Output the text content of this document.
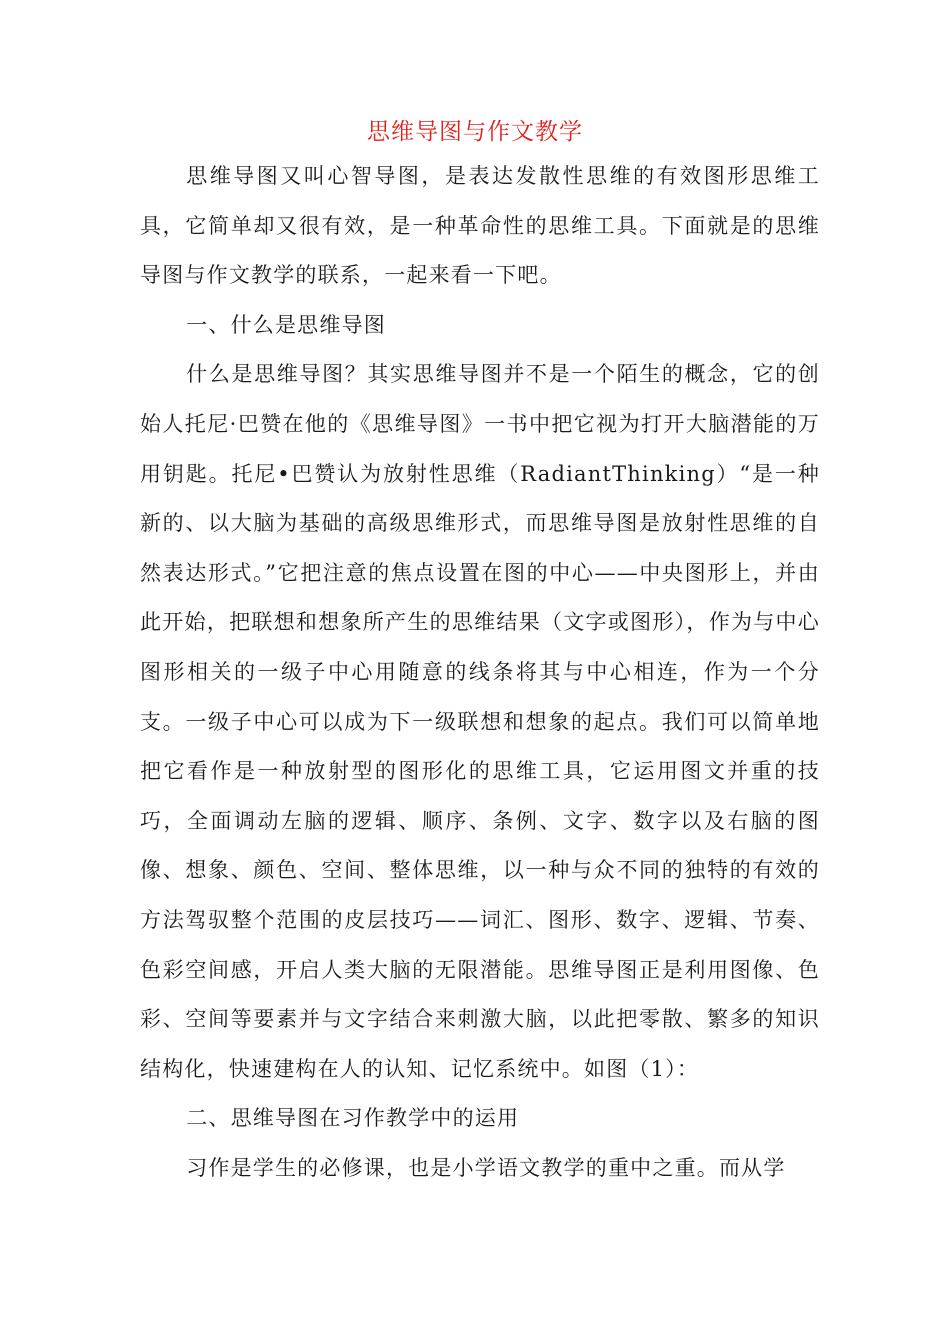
思维导图与作文教学

思维导图又叫心智导图，是表达发散性思维的有效图形思维工具，它简单却又很有效，是一种革命性的思维工具。下面就是的思维导图与作文教学的联系，一起来看一下吧。

一、什么是思维导图

什么是思维导图？其实思维导图并不是一个陌生的概念，它的创始人托尼·巴赞在他的《思维导图》一书中把它视为打开大脑潜能的万用钥匙。托尼•巴赞认为放射性思维（RadiantThinking）“是一种新的、以大脑为基础的高级思维形式，而思维导图是放射性思维的自然表达形式。”它把注意的焦点设置在图的中心——中央图形上，并由此开始，把联想和想象所产生的思维结果（文字或图形），作为与中心图形相关的一级子中心用随意的线条将其与中心相连，作为一个分支。一级子中心可以成为下一级联想和想象的起点。我们可以简单地把它看作是一种放射型的图形化的思维工具，它运用图文并重的技巧，全面调动左脑的逻辑、顺序、条例、文字、数字以及右脑的图像、想象、颜色、空间、整体思维，以一种与众不同的独特的有效的方法驾驭整个范围的皮层技巧——词汇、图形、数字、逻辑、节奏、色彩空间感，开启人类大脑的无限潜能。思维导图正是利用图像、色彩、空间等要素并与文字结合来刺激大脑，以此把零散、繁多的知识结构化，快速建构在人的认知、记忆系统中。如图（1）：

二、思维导图在习作教学中的运用

习作是学生的必修课，也是小学语文教学的重中之重。而从学
